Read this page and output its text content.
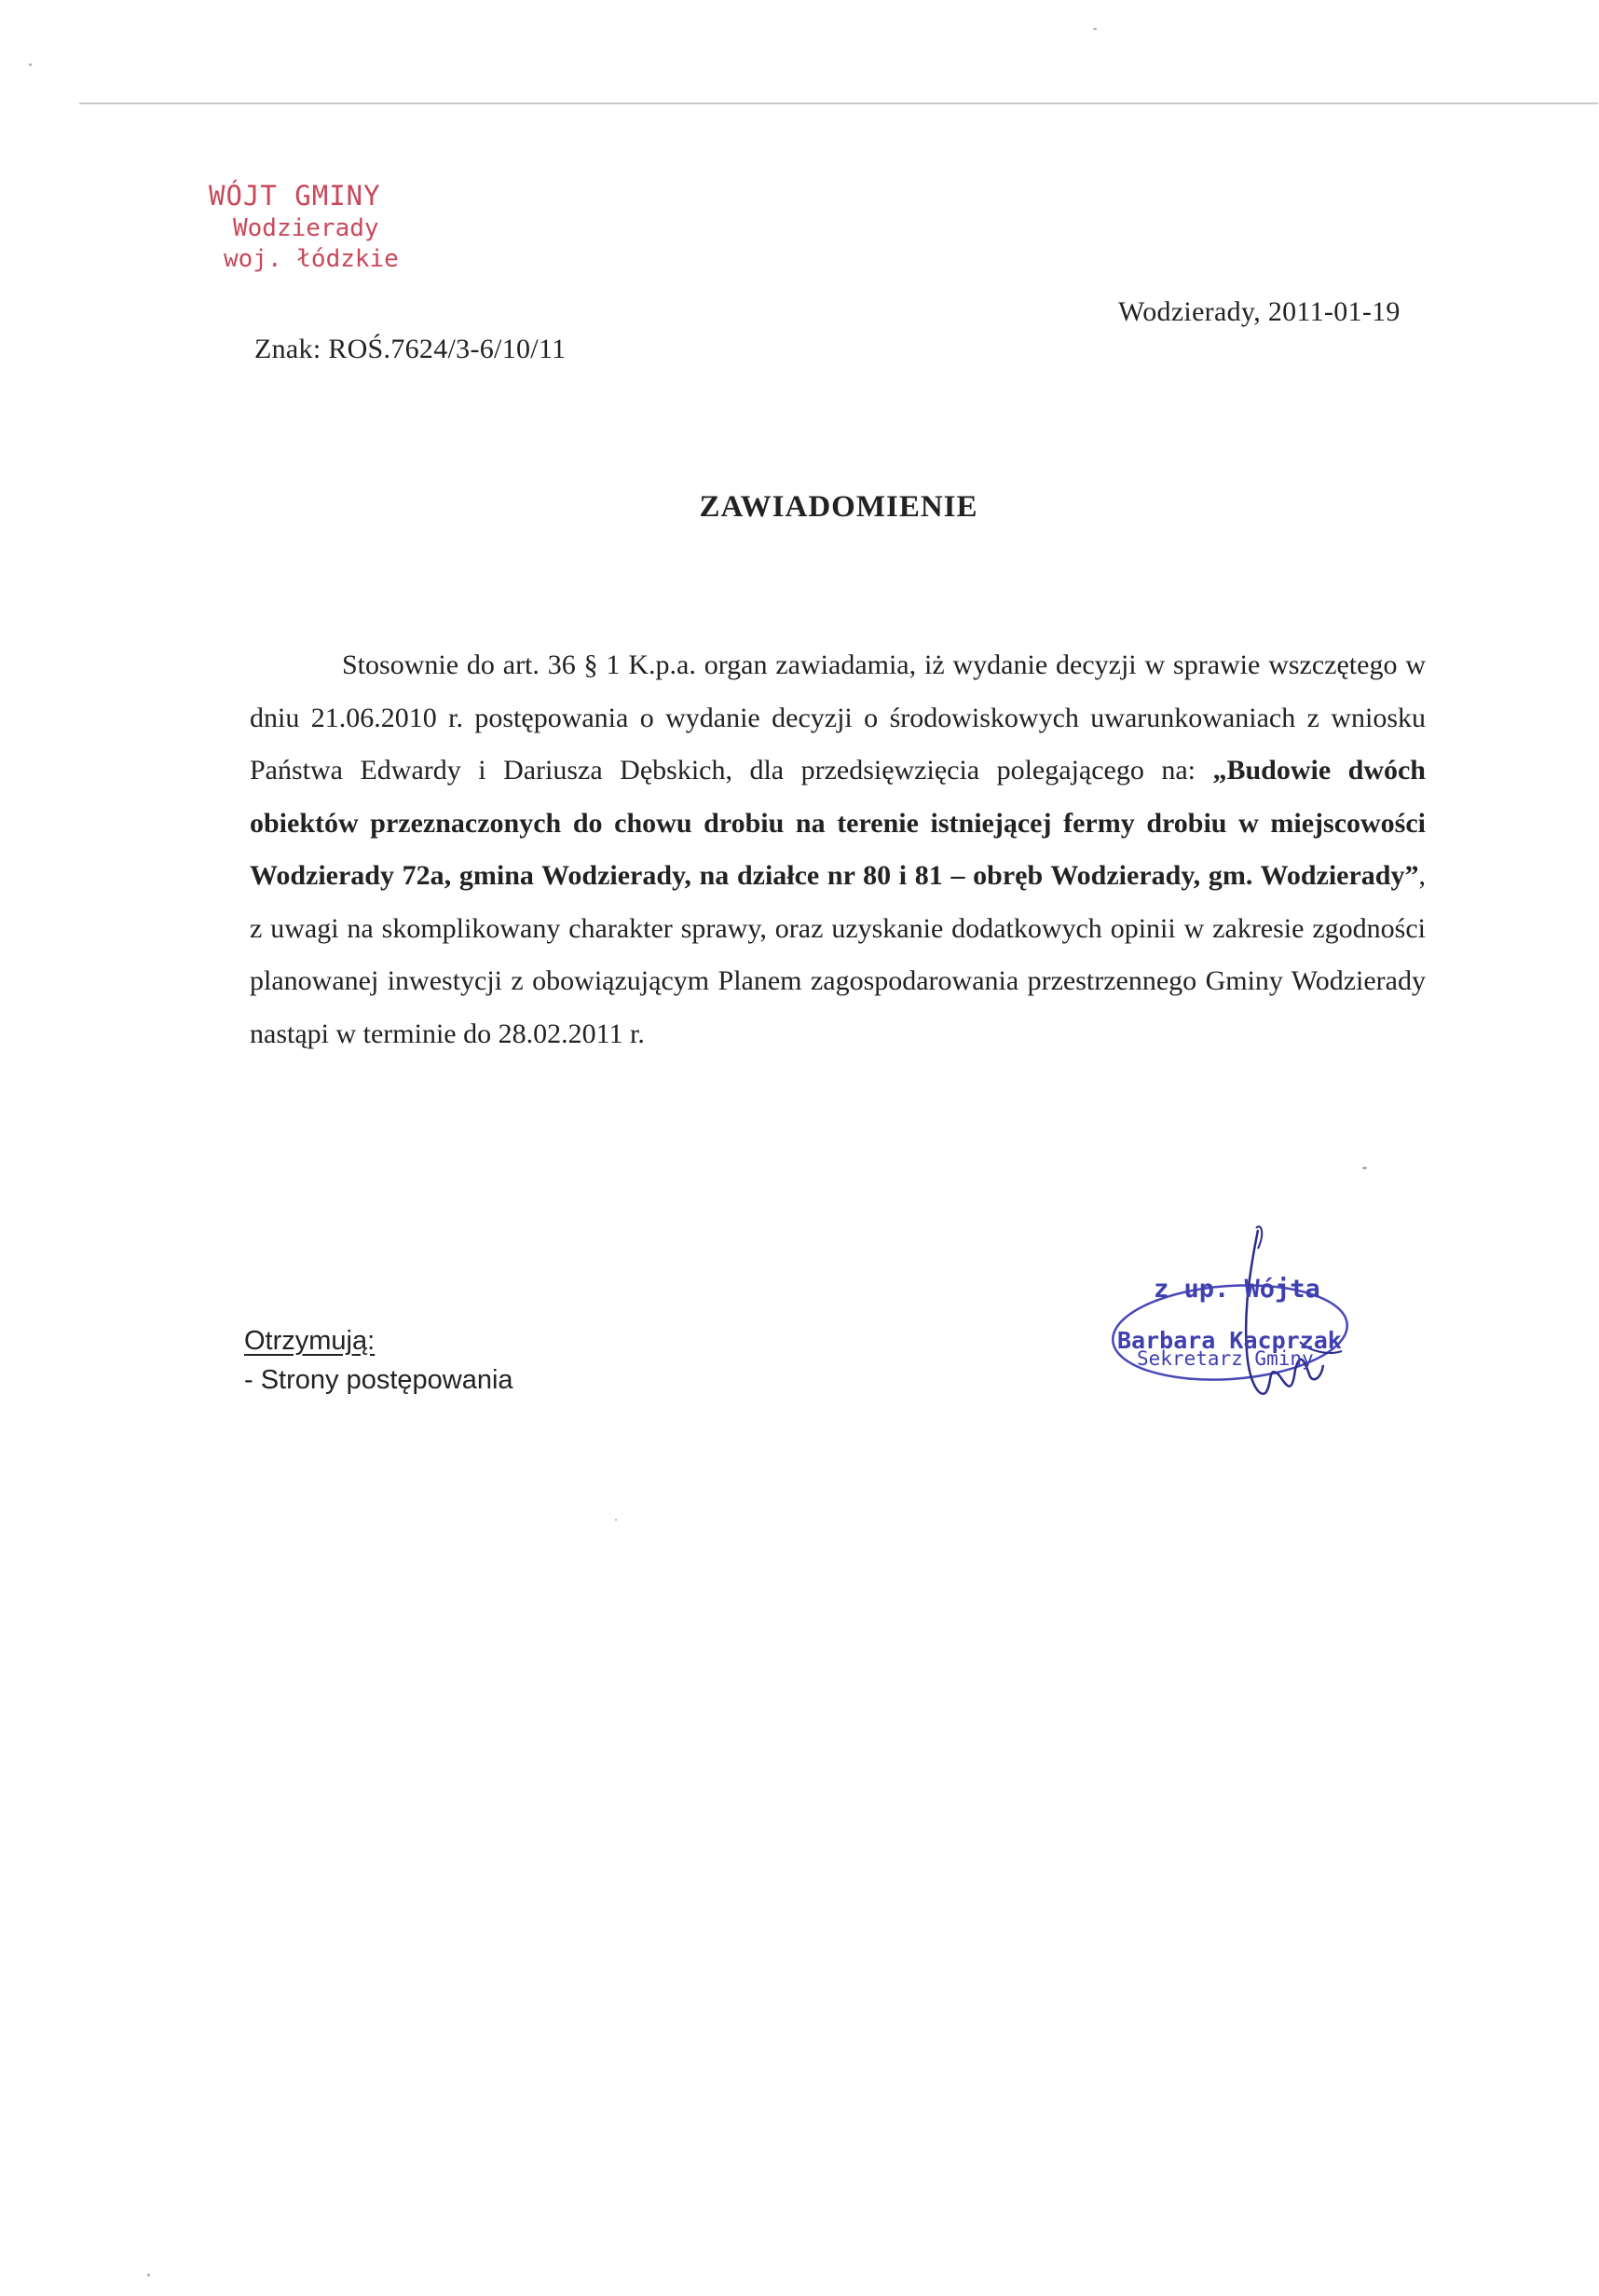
WÓJT GMINY
Wodzierady
woj. łódzkie
Wodzierady, 2011-01-19
Znak: ROŚ.7624/3-6/10/11
ZAWIADOMIENIE
Stosownie do art. 36 § 1 K.p.a. organ zawiadamia, iż wydanie decyzji w sprawie wszczętego w dniu 21.06.2010 r. postępowania o wydanie decyzji o środowiskowych uwarunkowaniach z wniosku Państwa Edwardy i Dariusza Dębskich, dla przedsięwzięcia polegającego na: „Budowie dwóch obiektów przeznaczonych do chowu drobiu na terenie istniejącej fermy drobiu w miejscowości Wodzierady 72a, gmina Wodzierady, na działce nr 80 i 81 – obręb Wodzierady, gm. Wodzierady”, z uwagi na skomplikowany charakter sprawy, oraz uzyskanie dodatkowych opinii w zakresie zgodności planowanej inwestycji z obowiązującym Planem zagospodarowania przestrzennego Gminy Wodzierady nastąpi w terminie do 28.02.2011 r.
Otrzymują:
- Strony postępowania
z up. Wójta
Barbara Kacprzak
Sekretarz Gminy
